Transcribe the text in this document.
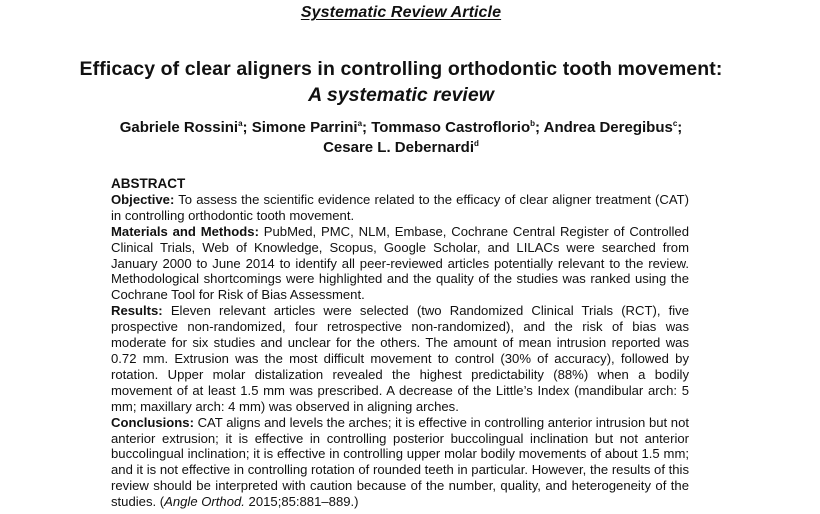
Systematic Review Article
Efficacy of clear aligners in controlling orthodontic tooth movement:
A systematic review
Gabriele Rossini$^a$; Simone Parrini$^a$; Tommaso Castroflorio$^b$; Andrea Deregibus$^c$;
Cesare L. Debernardi$^d$

ABSTRACT

Objective: To assess the scientific evidence related to the efficacy of clear aligner treatment (CAT) in controlling orthodontic tooth movement.

Materials and Methods: PubMed, PMC, NLM, Embase, Cochrane Central Register of Controlled Clinical Trials, Web of Knowledge, Scopus, Google Scholar, and LILACs were searched from January 2000 to June 2014 to identify all peer-reviewed articles potentially relevant to the review. Methodological shortcomings were highlighted and the quality of the studies was ranked using the Cochrane Tool for Risk of Bias Assessment.

Results: Eleven relevant articles were selected (two Randomized Clinical Trials (RCT), five prospective non-randomized, four retrospective non-randomized), and the risk of bias was moderate for six studies and unclear for the others. The amount of mean intrusion reported was 0.72 mm. Extrusion was the most difficult movement to control (30% of accuracy), followed by rotation. Upper molar distalization revealed the highest predictability (88%) when a bodily movement of at least 1.5 mm was prescribed. A decrease of the Little’s Index (mandibular arch: 5 mm; maxillary arch: 4 mm) was observed in aligning arches.

Conclusions: CAT aligns and levels the arches; it is effective in controlling anterior intrusion but not anterior extrusion; it is effective in controlling posterior buccolingual inclination but not anterior buccolingual inclination; it is effective in controlling upper molar bodily movements of about 1.5 mm; and it is not effective in controlling rotation of rounded teeth in particular. However, the results of this review should be interpreted with caution because of the number, quality, and heterogeneity of the studies. (Angle Orthod. 2015;85:881–889.)
